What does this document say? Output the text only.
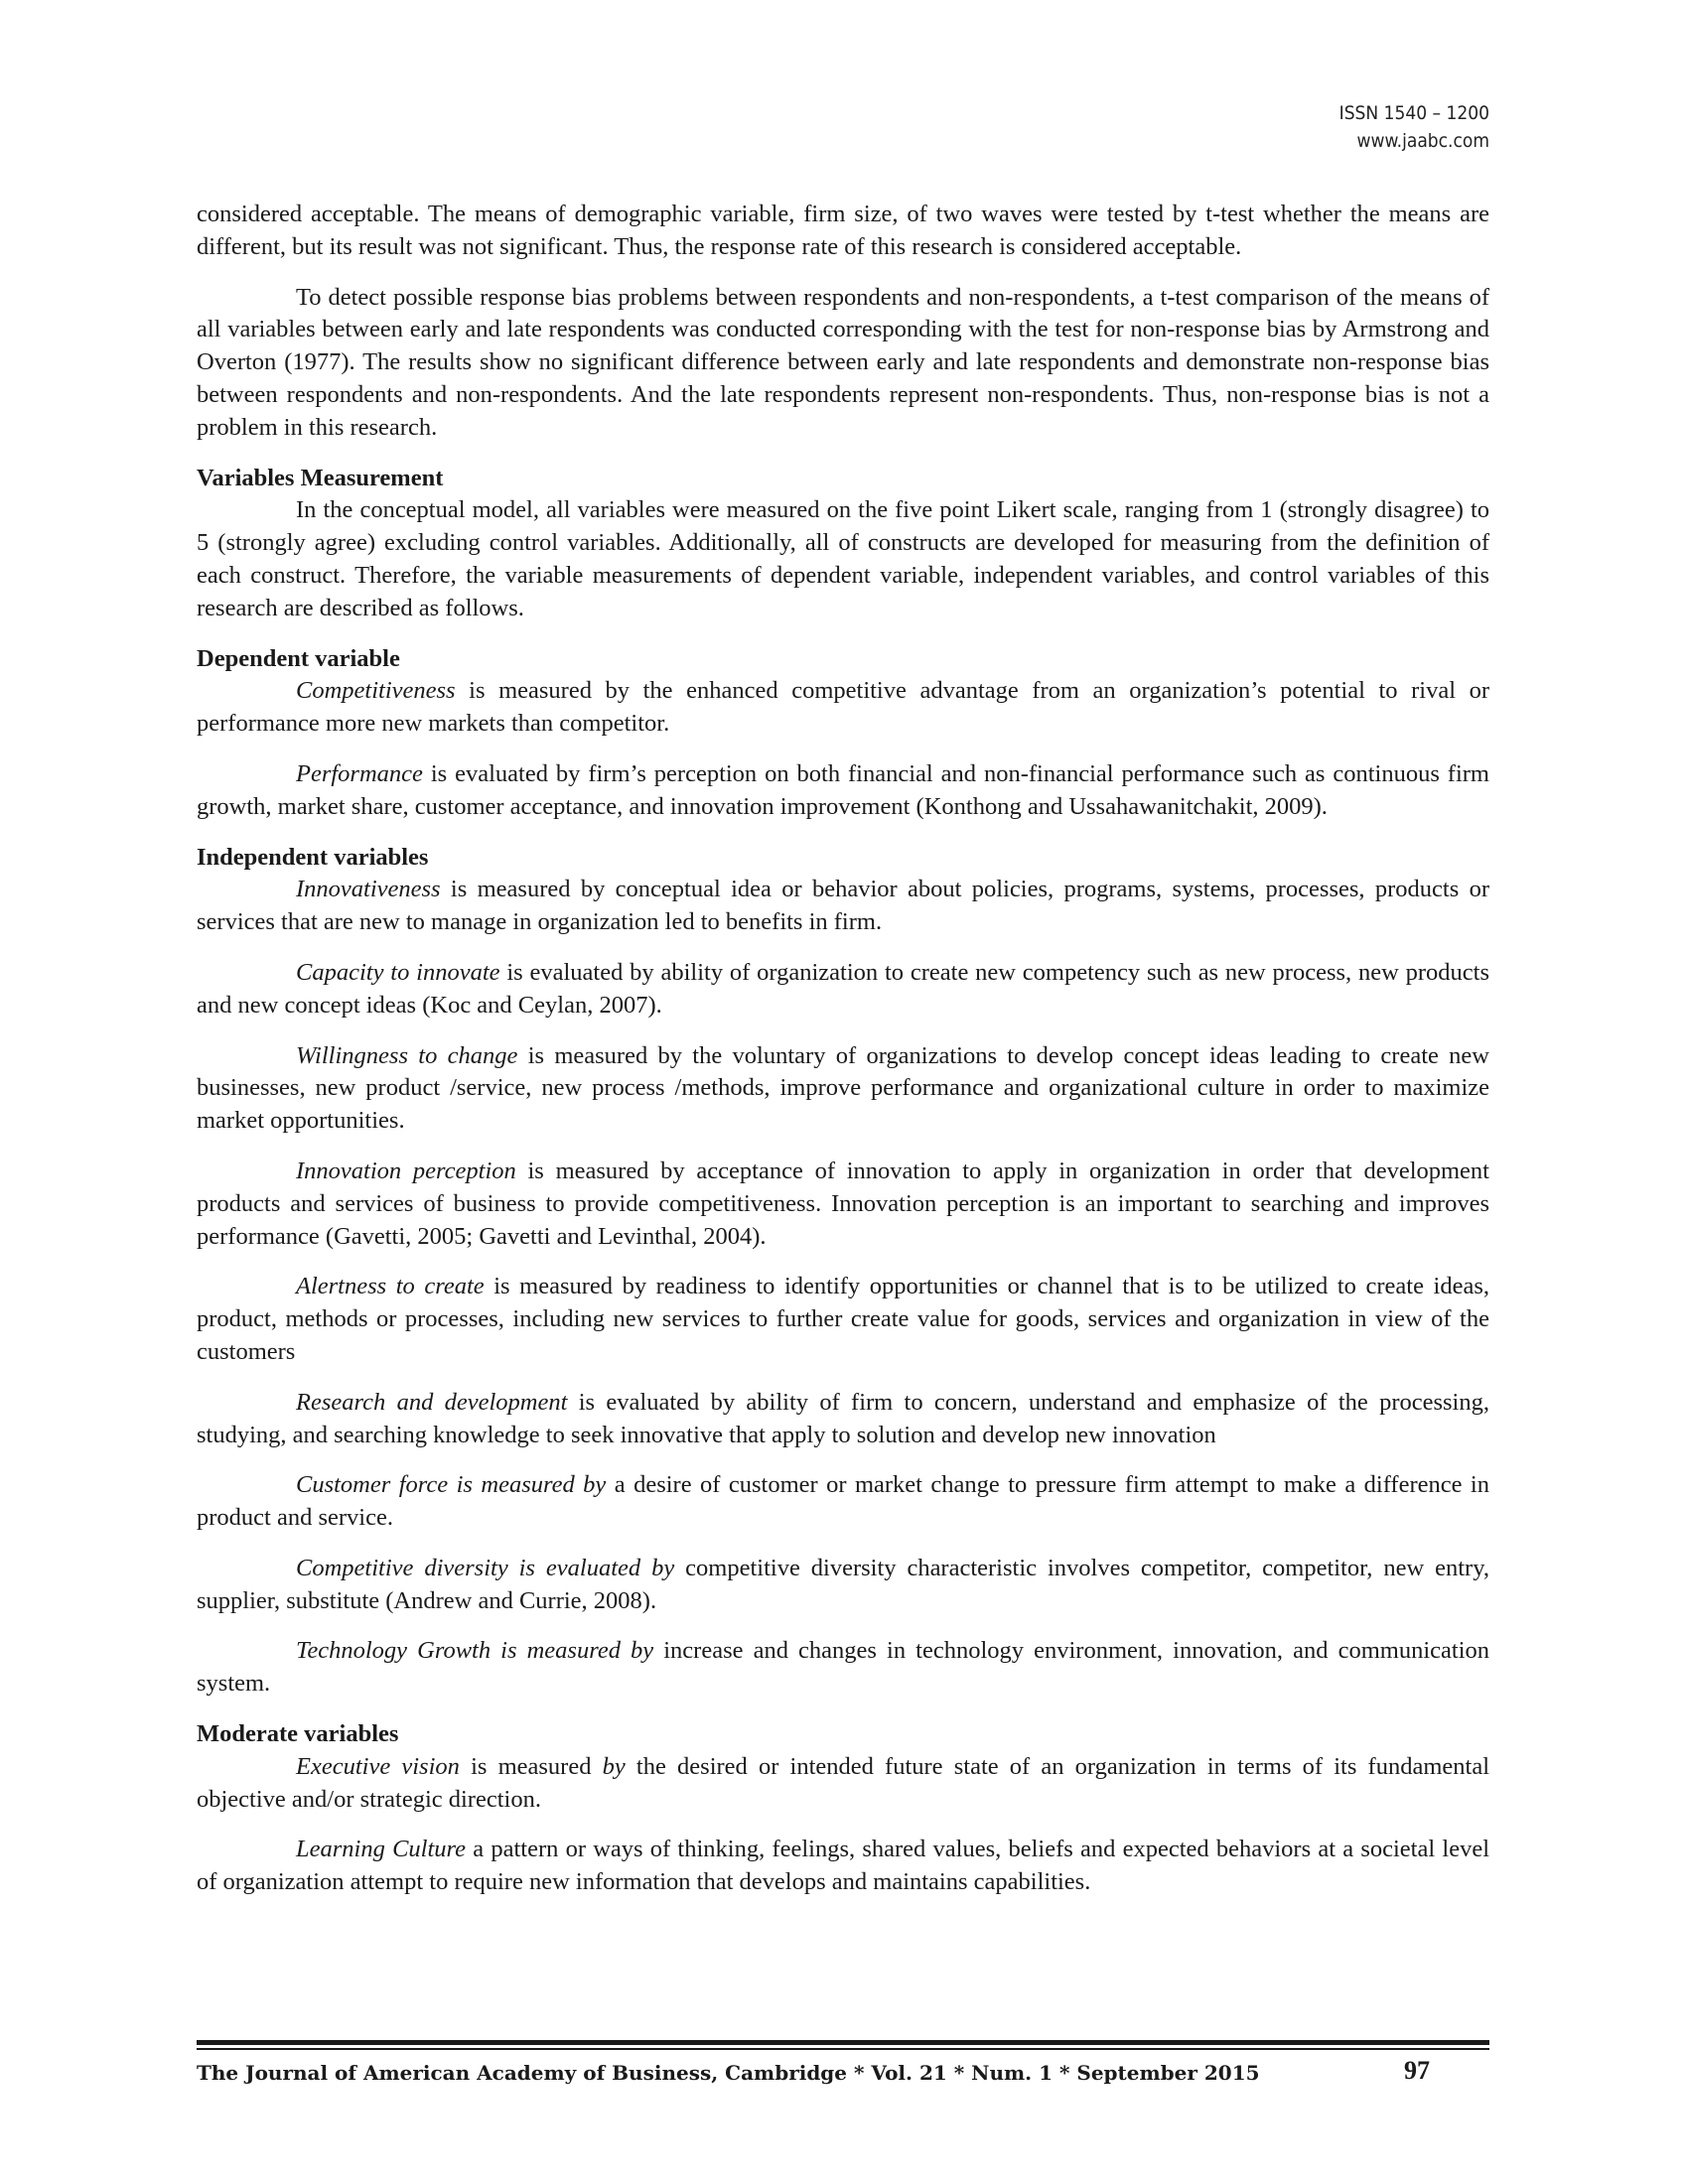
ISSN 1540 – 1200
www.jaabc.com

considered acceptable. The means of demographic variable, firm size, of two waves were tested by t-test whether the means are different, but its result was not significant. Thus, the response rate of this research is considered acceptable.

To detect possible response bias problems between respondents and non-respondents, a t-test comparison of the means of all variables between early and late respondents was conducted corresponding with the test for non-response bias by Armstrong and Overton (1977). The results show no significant difference between early and late respondents and demonstrate non-response bias between respondents and non-respondents. And the late respondents represent non-respondents. Thus, non-response bias is not a problem in this research.

Variables Measurement

In the conceptual model, all variables were measured on the five point Likert scale, ranging from 1 (strongly disagree) to 5 (strongly agree) excluding control variables. Additionally, all of constructs are developed for measuring from the definition of each construct. Therefore, the variable measurements of dependent variable, independent variables, and control variables of this research are described as follows.

Dependent variable

Competitiveness is measured by the enhanced competitive advantage from an organization’s potential to rival or performance more new markets than competitor.

Performance is evaluated by firm’s perception on both financial and non-financial performance such as continuous firm growth, market share, customer acceptance, and innovation improvement (Konthong and Ussahawanitchakit, 2009).

Independent variables

Innovativeness is measured by conceptual idea or behavior about policies, programs, systems, processes, products or services that are new to manage in organization led to benefits in firm.

Capacity to innovate is evaluated by ability of organization to create new competency such as new process, new products and new concept ideas (Koc and Ceylan, 2007).

Willingness to change is measured by the voluntary of organizations to develop concept ideas leading to create new businesses, new product /service, new process /methods, improve performance and organizational culture in order to maximize market opportunities.

Innovation perception is measured by acceptance of innovation to apply in organization in order that development products and services of business to provide competitiveness. Innovation perception is an important to searching and improves performance (Gavetti, 2005; Gavetti and Levinthal, 2004).

Alertness to create is measured by readiness to identify opportunities or channel that is to be utilized to create ideas, product, methods or processes, including new services to further create value for goods, services and organization in view of the customers

Research and development is evaluated by ability of firm to concern, understand and emphasize of the processing, studying, and searching knowledge to seek innovative that apply to solution and develop new innovation

Customer force is measured by a desire of customer or market change to pressure firm attempt to make a difference in product and service.

Competitive diversity is evaluated by competitive diversity characteristic involves competitor, competitor, new entry, supplier, substitute (Andrew and Currie, 2008).

Technology Growth is measured by increase and changes in technology environment, innovation, and communication system.

Moderate variables

Executive vision is measured by the desired or intended future state of an organization in terms of its fundamental objective and/or strategic direction.

Learning Culture a pattern or ways of thinking, feelings, shared values, beliefs and expected behaviors at a societal level of organization attempt to require new information that develops and maintains capabilities.

The Journal of American Academy of Business, Cambridge * Vol. 21 * Num. 1 * September 2015	97
